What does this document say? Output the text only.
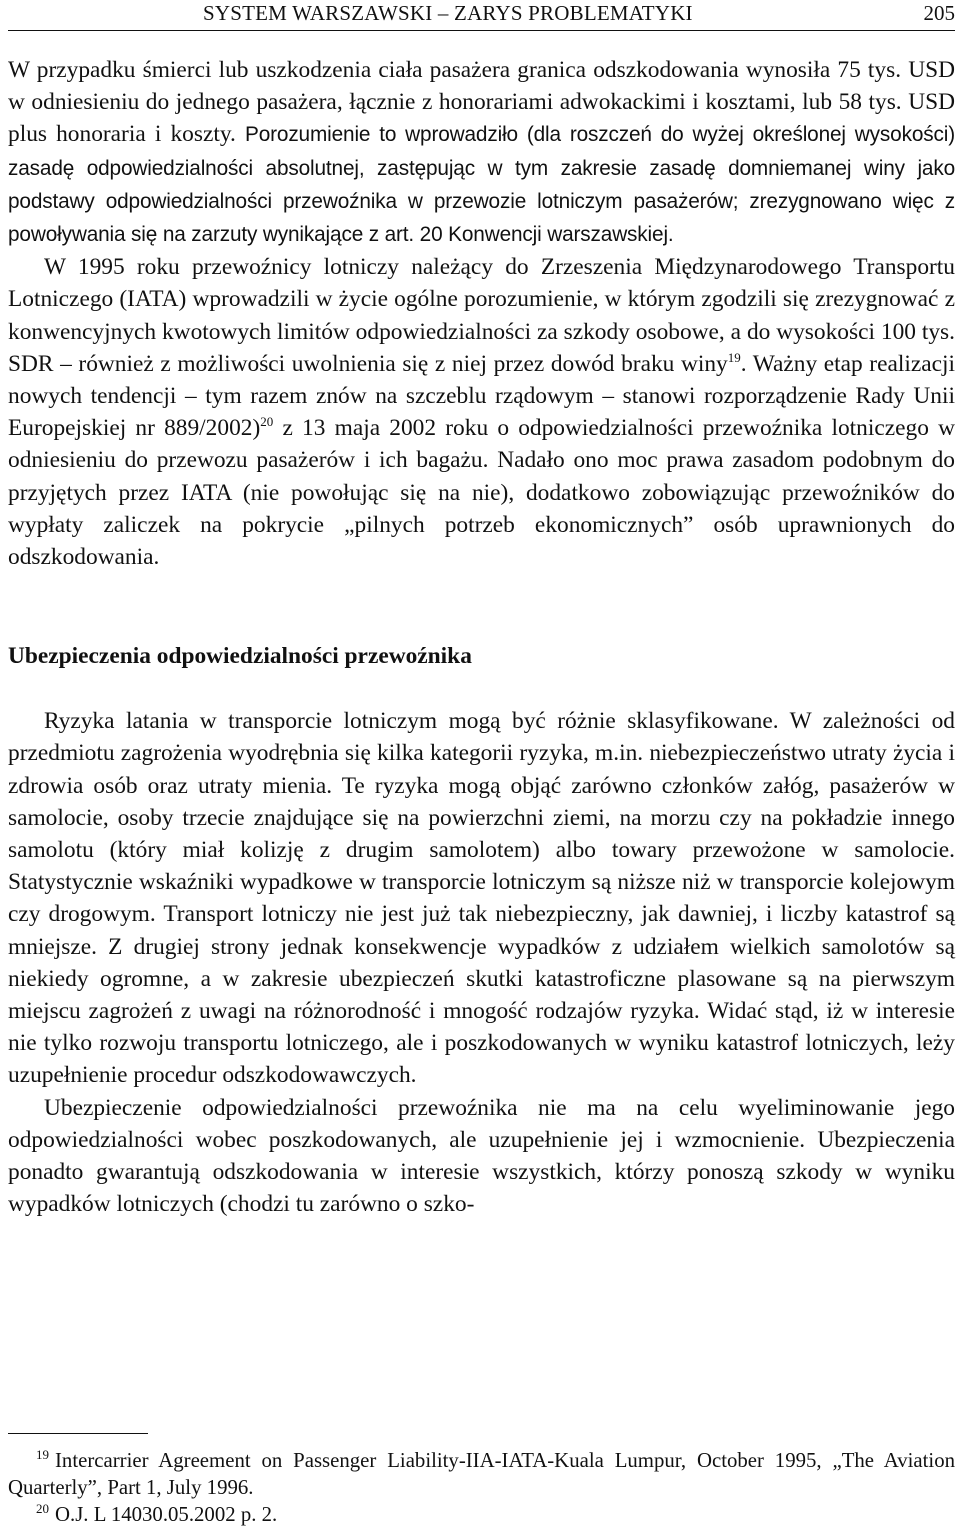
SYSTEM WARSZAWSKI – ZARYS PROBLEMATYKI	205

W przypadku śmierci lub uszkodzenia ciała pasażera granica odszkodowania wynosiła 75 tys. USD w odniesieniu do jednego pasażera, łącznie z honorariami adwokackimi i kosztami, lub 58 tys. USD plus honoraria i koszty. Porozumienie to wprowadziło (dla roszczeń do wyżej określonej wysokości) zasadę odpowiedzialności absolutnej, zastępując w tym zakresie zasadę domniemanej winy jako podstawy odpowiedzialności przewoźnika w przewozie lotniczym pasażerów; zrezygnowano więc z powoływania się na zarzuty wynikające z art. 20 Konwencji warszawskiej.

W 1995 roku przewoźnicy lotniczy należący do Zrzeszenia Międzynarodowego Transportu Lotniczego (IATA) wprowadzili w życie ogólne porozumienie, w którym zgodzili się zrezygnować z konwencyjnych kwotowych limitów odpowiedzialności za szkody osobowe, a do wysokości 100 tys. SDR – również z możliwości uwolnienia się z niej przez dowód braku winy$^{19}$. Ważny etap realizacji nowych tendencji – tym razem znów na szczeblu rządowym – stanowi rozporządzenie Rady Unii Europejskiej nr 889/2002)$^{20}$ z 13 maja 2002 roku o odpowiedzialności przewoźnika lotniczego w odniesieniu do przewozu pasażerów i ich bagażu. Nadało ono moc prawa zasadom podobnym do przyjętych przez IATA (nie powołując się na nie), dodatkowo zobowiązując przewoźników do wypłaty zaliczek na pokrycie „pilnych potrzeb ekonomicznych” osób uprawnionych do odszkodowania.

Ubezpieczenia odpowiedzialności przewoźnika

Ryzyka latania w transporcie lotniczym mogą być różnie sklasyfikowane. W zależności od przedmiotu zagrożenia wyodrębnia się kilka kategorii ryzyka, m.in. niebezpieczeństwo utraty życia i zdrowia osób oraz utraty mienia. Te ryzyka mogą objąć zarówno członków załóg, pasażerów w samolocie, osoby trzecie znajdujące się na powierzchni ziemi, na morzu czy na pokładzie innego samolotu (który miał kolizję z drugim samolotem) albo towary przewożone w samolocie. Statystycznie wskaźniki wypadkowe w transporcie lotniczym są niższe niż w transporcie kolejowym czy drogowym. Transport lotniczy nie jest już tak niebezpieczny, jak dawniej, i liczby katastrof są mniejsze. Z drugiej strony jednak konsekwencje wypadków z udziałem wielkich samolotów są niekiedy ogromne, a w zakresie ubezpieczeń skutki katastroficzne plasowane są na pierwszym miejscu zagrożeń z uwagi na różnorodność i mnogość rodzajów ryzyka. Widać stąd, iż w interesie nie tylko rozwoju transportu lotniczego, ale i poszkodowanych w wyniku katastrof lotniczych, leży uzupełnienie procedur odszkodowawczych.

Ubezpieczenie odpowiedzialności przewoźnika nie ma na celu wyeliminowanie jego odpowiedzialności wobec poszkodowanych, ale uzupełnienie jej i wzmocnienie. Ubezpieczenia ponadto gwarantują odszkodowania w interesie wszystkich, którzy ponoszą szkody w wyniku wypadków lotniczych (chodzi tu zarówno o szko-

$^{19}$ Intercarrier Agreement on Passenger Liability-IIA-IATA-Kuala Lumpur, October 1995, „The Aviation Quarterly”, Part 1, July 1996.

$^{20}$ O.J. L 14030.05.2002 p. 2.
